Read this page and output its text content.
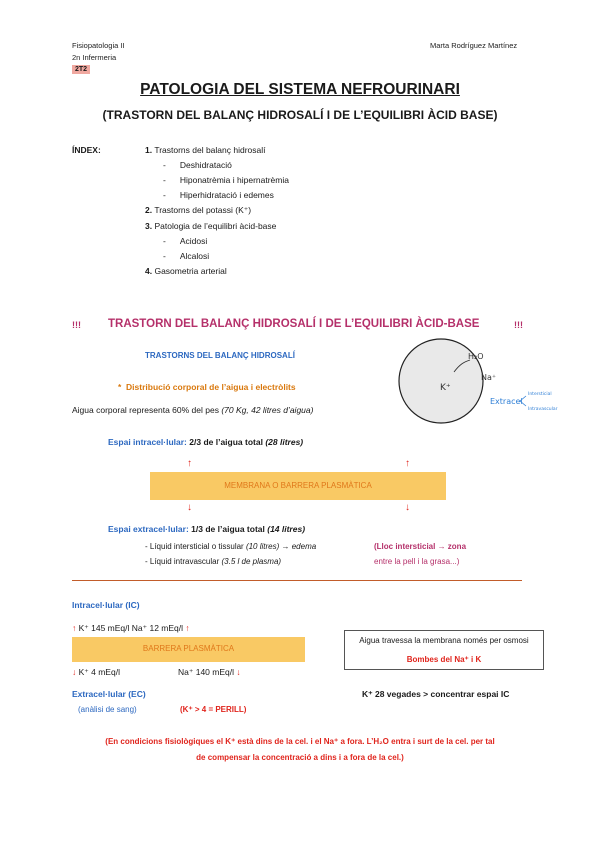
Fisiopatologia II
2n Infermeria
2T2
Marta Rodríguez Martínez
PATOLOGIA DEL SISTEMA NEFROURINARI
(TRASTORN DEL BALANÇ HIDROSALÍ I DE L’EQUILIBRI ÀCID BASE)
ÍNDEX:	1. Trastorns del balanç hidrosalí
- Deshidratació
- Hiponatrèmia i hipernatrèmia
- Hiperhidratació i edemes
2. Trastorns del potassi (K⁺)
3. Patologia de l’equilibri àcid-base
- Acidosi
- Alcalosi
4. Gasometria arterial
!!! TRASTORN DEL BALANÇ HIDROSALÍ I DE L’EQUILIBRI ÀCID-BASE	!!!
TRASTORNS DEL BALANÇ HIDROSALÍ
K⁺
H₂O
Na⁺
Extracel
Intersticial
Intravascular
* Distribució corporal de l’aigua i electròlits
Aigua corporal representa 60% del pes (70 Kg, 42 litres d’aigua)
Espai intracel·lular: 2/3 de l’aigua total (28 litres)
↑	↑
MEMBRANA O BARRERA PLASMÀTICA
↓	↓
Espai extracel·lular: 1/3 de l’aigua total (14 litres)
- Líquid intersticial o tissular (10 litres) → edema
- Líquid intravascular (3.5 l de plasma)
(Lloc intersticial → zona
entre la pell i la grasa...)
Intracel·lular (IC)
↑ K⁺ 145 mEq/l Na⁺ 12 mEq/l ↑
BARRERA PLASMÀTICA
↓ K⁺ 4 mEq/l	Na⁺ 140 mEq/l ↓
Extracel·lular (EC)
(anàlisi de sang)	(K⁺ > 4 = PERILL)
Aigua travessa la membrana només per osmosi
Bombes del Na⁺ i K
K⁺ 28 vegades > concentrar espai IC
(En condicions fisiològiques el K⁺ està dins de la cel. i el Na⁺ a fora. L’H₂O entra i surt de la cel. per tal
de compensar la concentració a dins i a fora de la cel.)
